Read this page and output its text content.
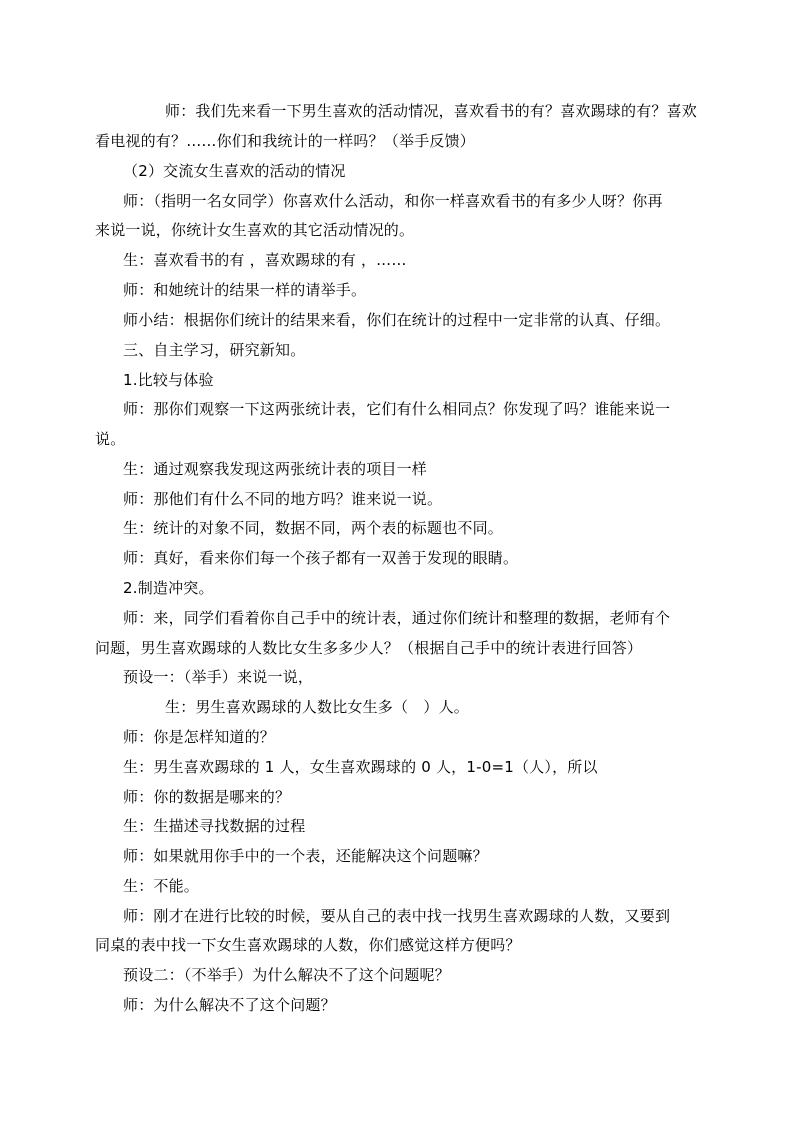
师：我们先来看一下男生喜欢的活动情况，喜欢看书的有？喜欢踢球的有？喜欢
看电视的有？……你们和我统计的一样吗？（举手反馈）
（2）交流女生喜欢的活动的情况
师：（指明一名女同学）你喜欢什么活动，和你一样喜欢看书的有多少人呀？你再
来说一说，你统计女生喜欢的其它活动情况的。
生：喜欢看书的有 ，喜欢踢球的有 ，……
师：和她统计的结果一样的请举手。
师小结：根据你们统计的结果来看，你们在统计的过程中一定非常的认真、仔细。
三、自主学习，研究新知。
1.比较与体验
师：那你们观察一下这两张统计表，它们有什么相同点？你发现了吗？谁能来说一
说。
生：通过观察我发现这两张统计表的项目一样
师：那他们有什么不同的地方吗？谁来说一说。
生：统计的对象不同，数据不同，两个表的标题也不同。
师：真好，看来你们每一个孩子都有一双善于发现的眼睛。
2.制造冲突。
师：来，同学们看着你自己手中的统计表，通过你们统计和整理的数据，老师有个
问题，男生喜欢踢球的人数比女生多多少人？（根据自己手中的统计表进行回答）
预设一：（举手）来说一说，
生：男生喜欢踢球的人数比女生多（　）人。
师：你是怎样知道的？
生：男生喜欢踢球的 1 人，女生喜欢踢球的 0 人，1-0=1（人），所以
师：你的数据是哪来的？
生：生描述寻找数据的过程
师：如果就用你手中的一个表，还能解决这个问题嘛？
生：不能。
师：刚才在进行比较的时候，要从自己的表中找一找男生喜欢踢球的人数，又要到
同桌的表中找一下女生喜欢踢球的人数，你们感觉这样方便吗？
预设二：（不举手）为什么解决不了这个问题呢？
师：为什么解决不了这个问题？
